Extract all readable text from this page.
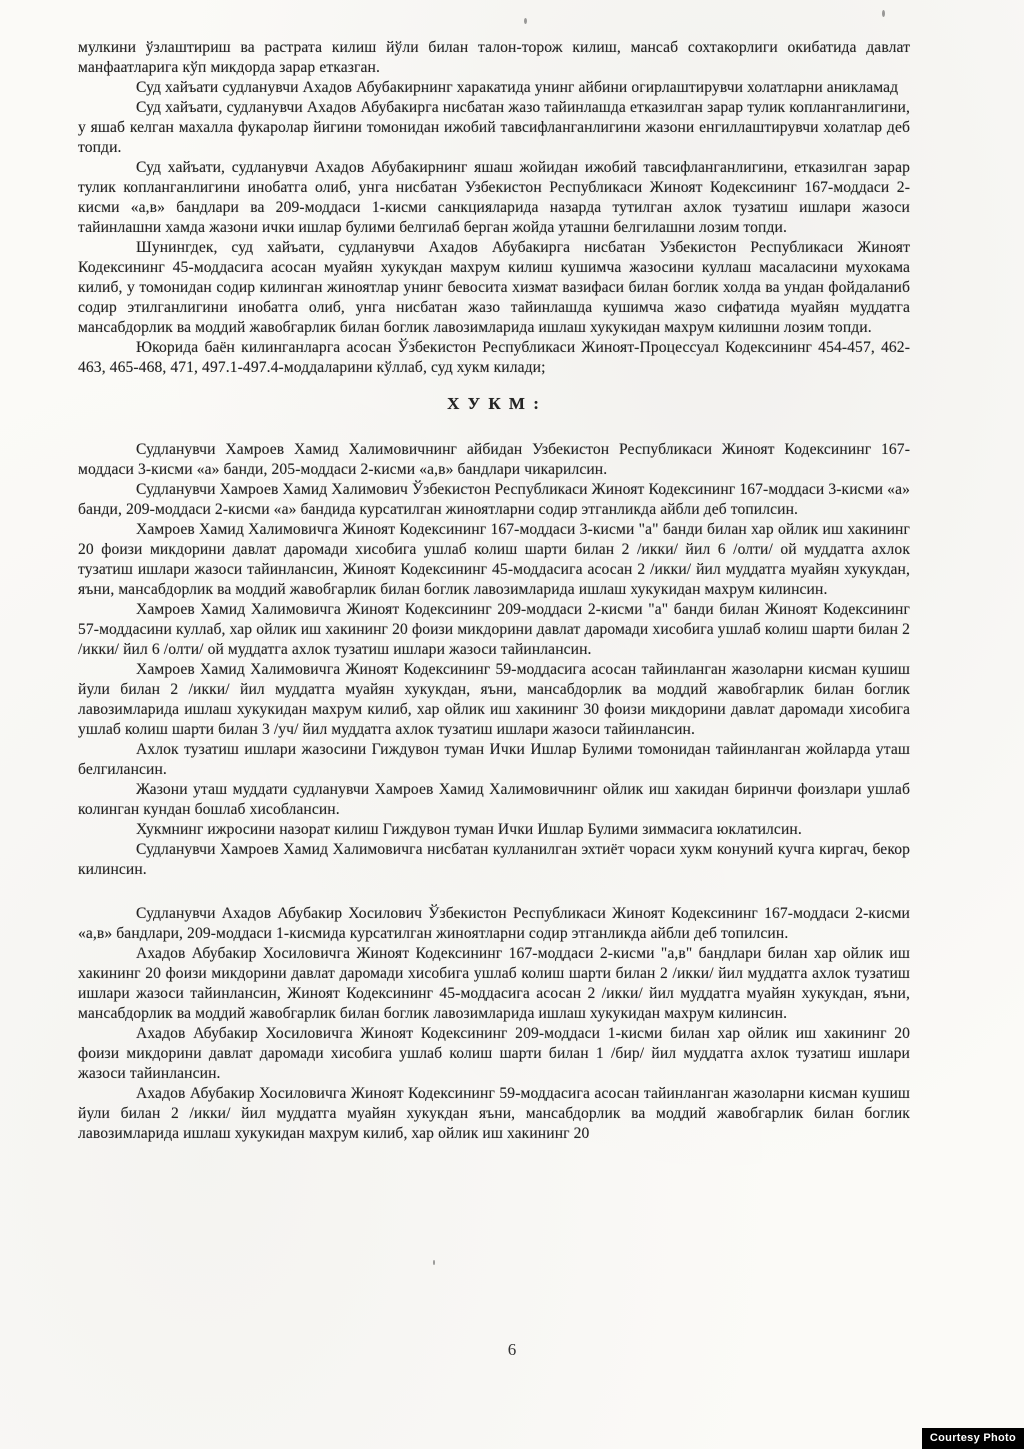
мулкини ўзлаштириш ва растрата килиш йўли билан талон-торож килиш, мансаб сохтакорлиги окибатида давлат манфаатларига кўп микдорда зарар етказган.

Суд хайъати судланувчи Ахадов Абубакирнинг харакатида унинг айбини огирлаштирувчи холатларни аникламад

Суд хайъати, судланувчи Ахадов Абубакирга нисбатан жазо тайинлашда етказилган зарар тулик копланганлигини, у яшаб келган махалла фукаролар йигини томонидан ижобий тавсифланганлигини жазони енгиллаштирувчи холатлар деб топди.

Суд хайъати, судланувчи Ахадов Абубакирнинг яшаш жойидан ижобий тавсифланганлигини, етказилган зарар тулик копланганлигини инобатга олиб, унга нисбатан Узбекистон Республикаси Жиноят Кодексининг 167-моддаси 2-кисми «а,в» бандлари ва 209-моддаси 1-кисми санкцияларида назарда тутилган ахлок тузатиш ишлари жазоси тайинлашни хамда жазони ички ишлар булими белгилаб берган жойда уташни белгилашни лозим топди.

Шунингдек, суд хайъати, судланувчи Ахадов Абубакирга нисбатан Узбекистон Республикаси Жиноят Кодексининг 45-моддасига асосан муайян хукукдан махрум килиш кушимча жазосини куллаш масаласини мухокама килиб, у томонидан содир килинган жиноятлар унинг бевосита хизмат вазифаси билан боглик холда ва ундан фойдаланиб содир этилганлигини инобатга олиб, унга нисбатан жазо тайинлашда кушимча жазо сифатида муайян муддатга мансабдорлик ва моддий жавобгарлик билан боглик лавозимларида ишлаш хукукидан махрум килишни лозим топди.

Юкорида баён килинганларга асосан Ўзбекистон Республикаси Жиноят-Процессуал Кодексининг 454-457, 462-463, 465-468, 471, 497.1-497.4-моддаларини кўллаб, суд хукм килади;

Х У К М :

Судланувчи Хамроев Хамид Халимовичнинг айбидан Узбекистон Республикаси Жиноят Кодексининг 167-моддаси 3-кисми «а» банди, 205-моддаси 2-кисми «а,в» бандлари чикарилсин.

Судланувчи Хамроев Хамид Халимович Ўзбекистон Республикаси Жиноят Кодексининг 167-моддаси 3-кисми «а» банди, 209-моддаси 2-кисми «а» бандида курсатилган жиноятларни содир этганликда айбли деб топилсин.

Хамроев Хамид Халимовичга Жиноят Кодексининг 167-моддаси 3-кисми "а" банди билан хар ойлик иш хакининг 20 фоизи микдорини давлат даромади хисобига ушлаб колиш шарти билан 2 /икки/ йил 6 /олти/ ой муддатга ахлок тузатиш ишлари жазоси тайинлансин, Жиноят Кодексининг 45-моддасига асосан 2 /икки/ йил муддатга муайян хукукдан, яъни, мансабдорлик ва моддий жавобгарлик билан боглик лавозимларида ишлаш хукукидан махрум килинсин.

Хамроев Хамид Халимовичга Жиноят Кодексининг 209-моддаси 2-кисми "а" банди билан Жиноят Кодексининг 57-моддасини куллаб, хар ойлик иш хакининг 20 фоизи микдорини давлат даромади хисобига ушлаб колиш шарти билан 2 /икки/ йил 6 /олти/ ой муддатга ахлок тузатиш ишлари жазоси тайинлансин.

Хамроев Хамид Халимовичга Жиноят Кодексининг 59-моддасига асосан тайинланган жазоларни кисман кушиш йули билан 2 /икки/ йил муддатга муайян хукукдан, яъни, мансабдорлик ва моддий жавобгарлик билан боглик лавозимларида ишлаш хукукидан махрум килиб, хар ойлик иш хакининг 30 фоизи микдорини давлат даромади хисобига ушлаб колиш шарти билан 3 /уч/ йил муддатга ахлок тузатиш ишлари жазоси тайинлансин.

Ахлок тузатиш ишлари жазосини Гиждувон туман Ички Ишлар Булими томонидан тайинланган жойларда уташ белгилансин.

Жазони уташ муддати судланувчи Хамроев Хамид Халимовичнинг ойлик иш хакидан биринчи фоизлари ушлаб колинган кундан бошлаб хисоблансин.

Хукмнинг ижросини назорат килиш Гиждувон туман Ички Ишлар Булими зиммасига юклатилсин.

Судланувчи Хамроев Хамид Халимовичга нисбатан кулланилган эхтиёт чораси хукм конуний кучга киргач, бекор килинсин.

Судланувчи Ахадов Абубакир Хосилович Ўзбекистон Республикаси Жиноят Кодексининг 167-моддаси 2-кисми «а,в» бандлари, 209-моддаси 1-кисмида курсатилган жиноятларни содир этганликда айбли деб топилсин.

Ахадов Абубакир Хосиловичга Жиноят Кодексининг 167-моддаси 2-кисми "а,в" бандлари билан хар ойлик иш хакининг 20 фоизи микдорини давлат даромади хисобига ушлаб колиш шарти билан 2 /икки/ йил муддатга ахлок тузатиш ишлари жазоси тайинлансин, Жиноят Кодексининг 45-моддасига асосан 2 /икки/ йил муддатга муайян хукукдан, яъни, мансабдорлик ва моддий жавобгарлик билан боглик лавозимларида ишлаш хукукидан махрум килинсин.

Ахадов Абубакир Хосиловичга Жиноят Кодексининг 209-моддаси 1-кисми билан хар ойлик иш хакининг 20 фоизи микдорини давлат даромади хисобига ушлаб колиш шарти билан 1 /бир/ йил муддатга ахлок тузатиш ишлари жазоси тайинлансин.

Ахадов Абубакир Хосиловичга Жиноят Кодексининг 59-моддасига асосан тайинланган жазоларни кисман кушиш йули билан 2 /икки/ йил муддатга муайян хукукдан яъни, мансабдорлик ва моддий жавобгарлик билан боглик лавозимларида ишлаш хукукидан махрум килиб, хар ойлик иш хакининг 20

6
Courtesy Photo
